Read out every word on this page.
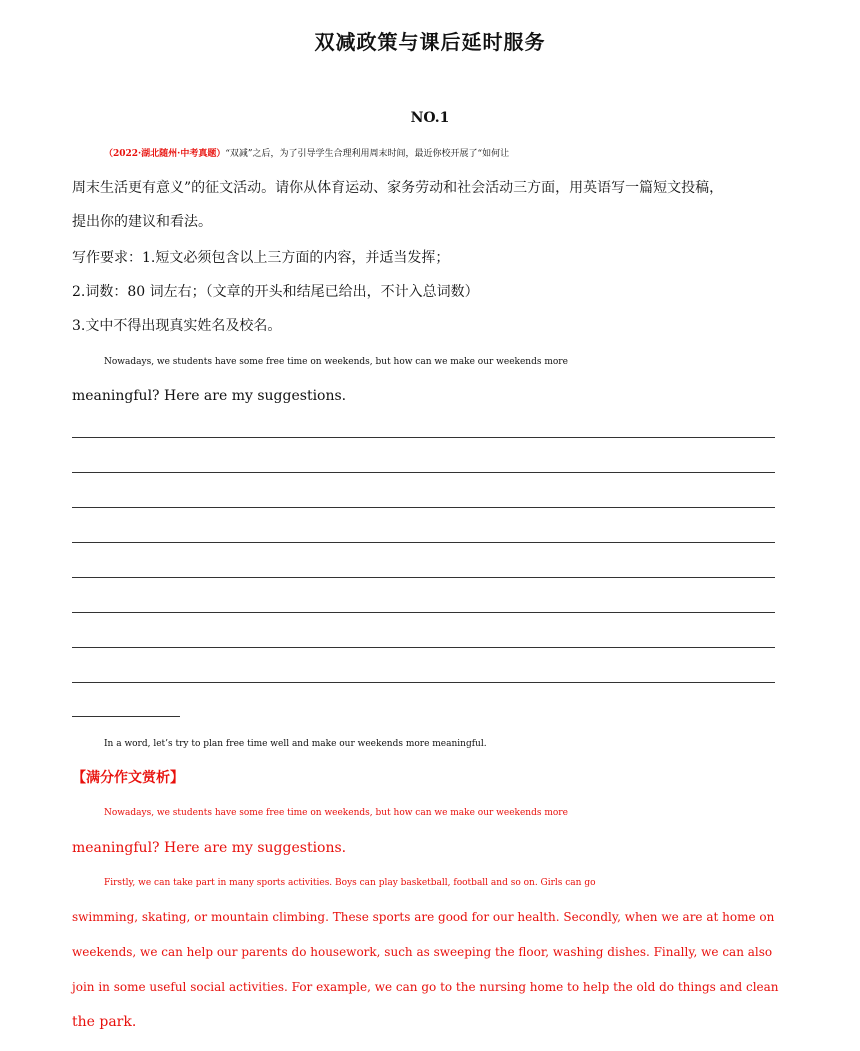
双减政策与课后延时服务
NO.1
（2022·湖北随州·中考真题）“双减”之后，为了引导学生合理利用周末时间，最近你校开展了“如何让
周末生活更有意义”的征文活动。请你从体育运动、家务劳动和社会活动三方面，用英语写一篇短文投稿，
提出你的建议和看法。
写作要求：1.短文必须包含以上三方面的内容，并适当发挥；
2.词数：80 词左右；（文章的开头和结尾已给出，不计入总词数）
3.文中不得出现真实姓名及校名。
Nowadays, we students have some free time on weekends, but how can we make our weekends more
meaningful? Here are my suggestions.
In a word, let’s try to plan free time well and make our weekends more meaningful.
【满分作文赏析】
Nowadays, we students have some free time on weekends, but how can we make our weekends more
meaningful? Here are my suggestions.
Firstly, we can take part in many sports activities. Boys can play basketball, football and so on. Girls can go
swimming, skating, or mountain climbing. These sports are good for our health. Secondly, when we are at home on
weekends, we can help our parents do housework, such as sweeping the floor, washing dishes. Finally, we can also
join in some useful social activities. For example, we can go to the nursing home to help the old do things and clean
the park.
